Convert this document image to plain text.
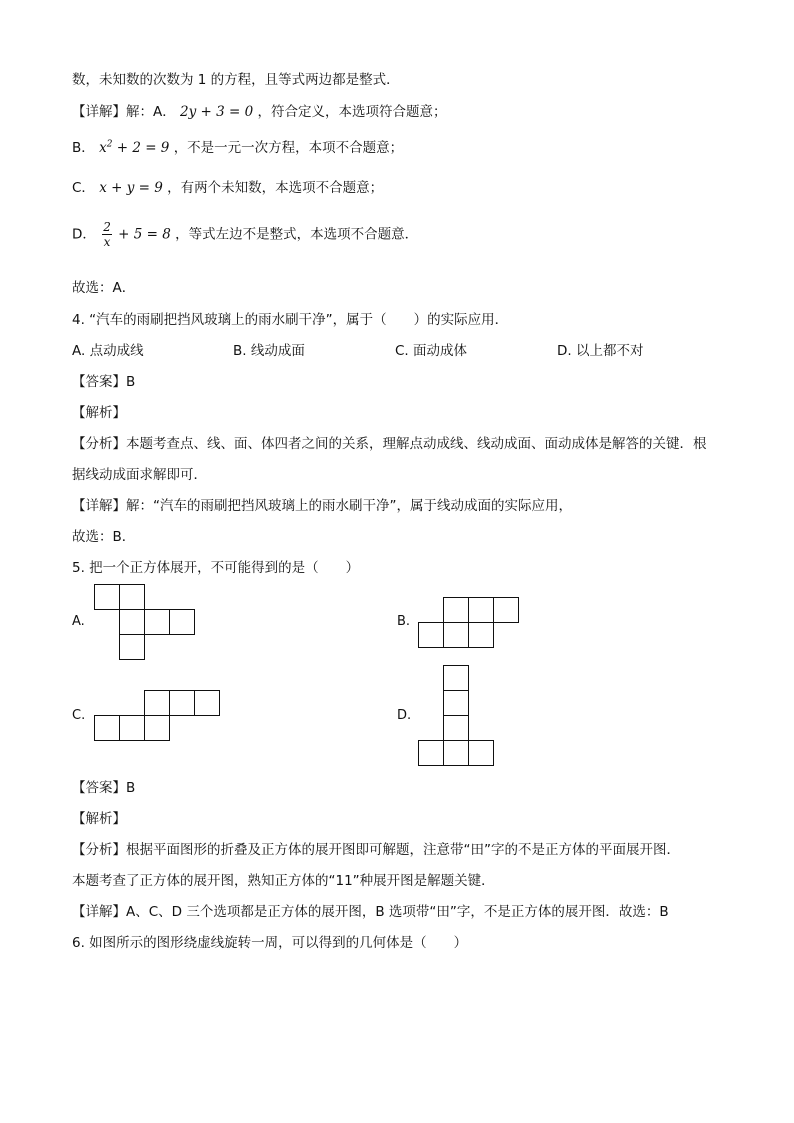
数，未知数的次数为 1 的方程，且等式两边都是整式．
【详解】解：A． 2y + 3 = 0 ，符合定义，本选项符合题意；
B． $x^2 + 2 = 9$ ，不是一元一次方程，本项不合题意；
C． x + y = 9 ，有两个未知数，本选项不合题意；
D． $\frac{2}{x} + 5 = 8$ ，等式左边不是整式，本选项不合题意．
故选：A．
4. “汽车的雨刷把挡风玻璃上的雨水刷干净”，属于（　　）的实际应用．
A. 点动成线	B. 线动成面	C. 面动成体	D. 以上都不对
【答案】B
【解析】
【分析】本题考查点、线、面、体四者之间的关系，理解点动成线、线动成面、面动成体是解答的关键．根
据线动成面求解即可．
【详解】解：“汽车的雨刷把挡风玻璃上的雨水刷干净”，属于线动成面的实际应用，
故选：B．
5. 把一个正方体展开，不可能得到的是（　　）
A.	B.
C.	D.
【答案】B
【解析】
【分析】根据平面图形的折叠及正方体的展开图即可解题，注意带“田”字的不是正方体的平面展开图．
本题考查了正方体的展开图，熟知正方体的“11”种展开图是解题关键．
【详解】A、C、D 三个选项都是正方体的展开图，B 选项带“田”字，不是正方体的展开图．故选：B
6. 如图所示的图形绕虚线旋转一周，可以得到的几何体是（　　）
